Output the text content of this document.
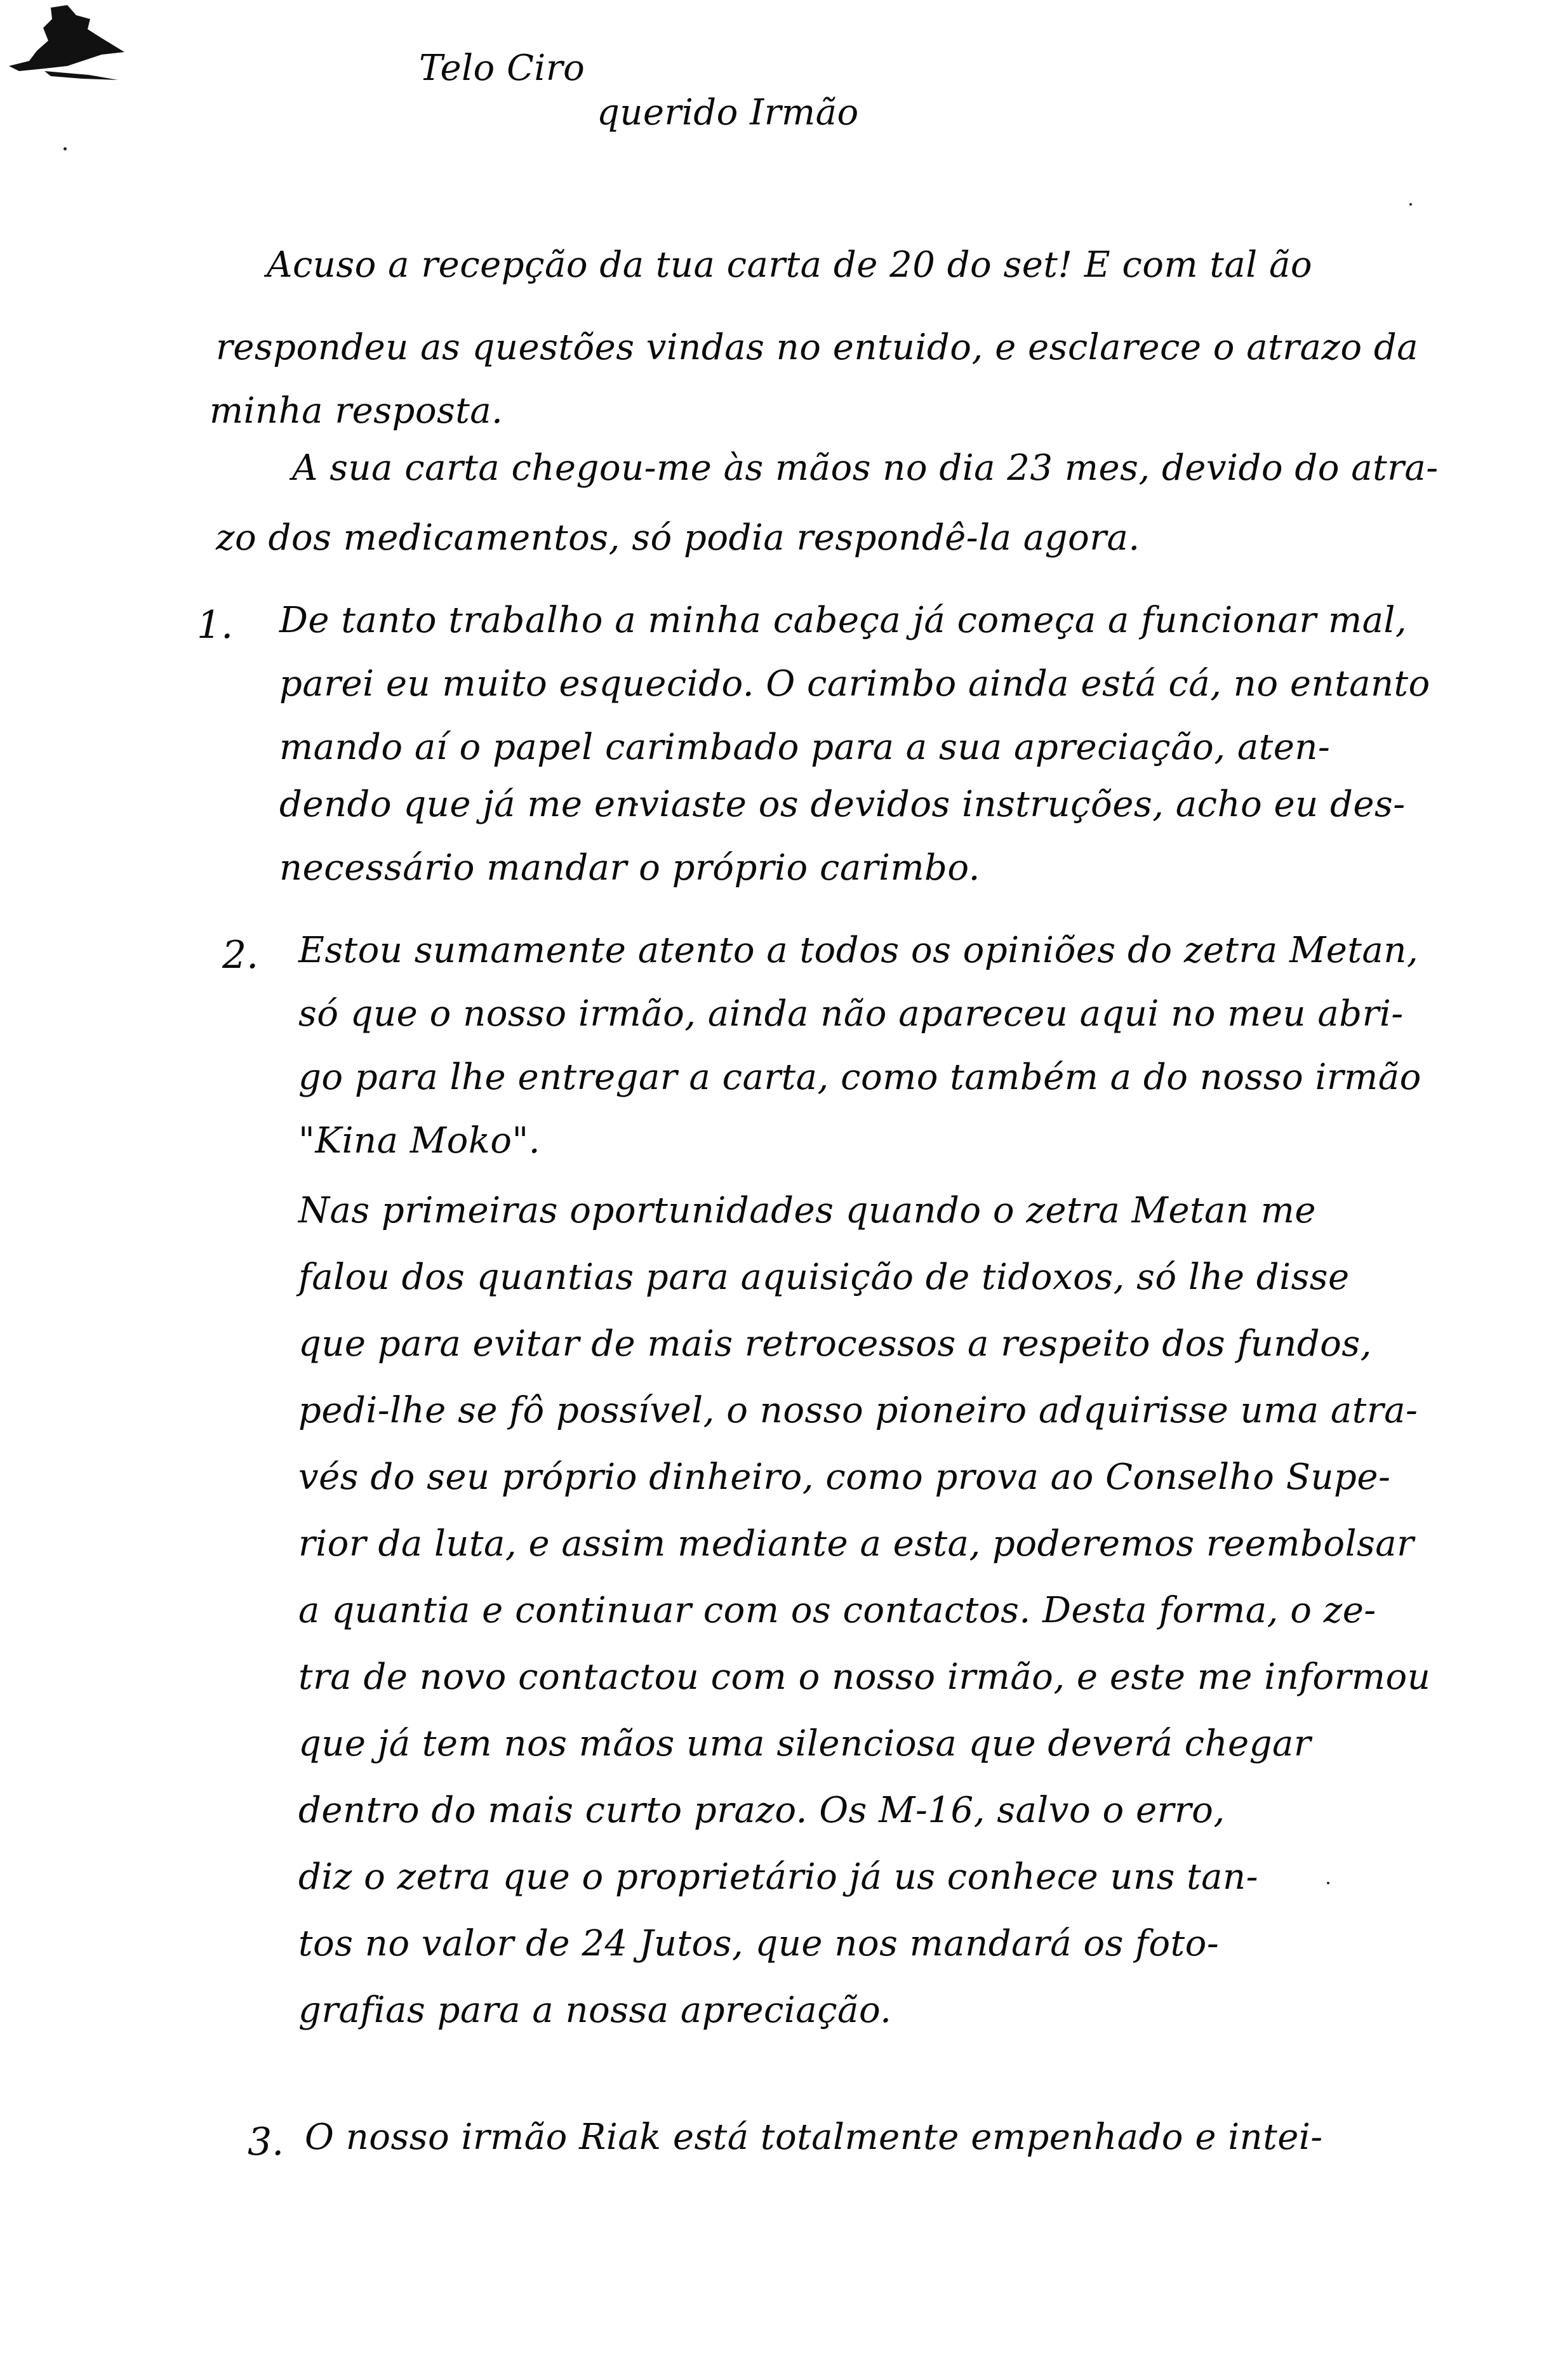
Telo Ciro
querido Irmão
Acuso a recepção da tua carta de 20 do set! E com tal ão
respondeu as questões vindas no entuido, e esclarece o atrazo da
minha resposta.
A sua carta chegou-me às mãos no dia 23 mes, devido do atra-
zo dos medicamentos, só podia respondê-la agora.
1. De tanto trabalho a minha cabeça já começa a funcionar mal,
parei eu muito esquecido. O carimbo ainda está cá, no entanto
mando aí o papel carimbado para a sua apreciação, aten-
dendo que já me enviaste os devidos instruções, acho eu des-
necessário mandar o próprio carimbo.
2. Estou sumamente atento a todos os opiniões do zetra Metan,
só que o nosso irmão, ainda não apareceu aqui no meu abri-
go para lhe entregar a carta, como também a do nosso irmão
"Kina Moko".
Nas primeiras oportunidades quando o zetra Metan me
falou dos quantias para aquisição de tidoxos, só lhe disse
que para evitar de mais retrocessos a respeito dos fundos,
pedi-lhe se fô possível, o nosso pioneiro adquirisse uma atra-
vés do seu próprio dinheiro, como prova ao Conselho Supe-
rior da luta, e assim mediante a esta, poderemos reembolsar
a quantia e continuar com os contactos. Desta forma, o ze-
tra de novo contactou com o nosso irmão, e este me informou
que já tem nos mãos uma silenciosa que deverá chegar
dentro do mais curto prazo. Os M-16, salvo o erro,
diz o zetra que o proprietário já us conhece uns tan-
tos no valor de 24 Jutos, que nos mandará os foto-
grafias para a nossa apreciação.
3. O nosso irmão Riak está totalmente empenhado e intei-
